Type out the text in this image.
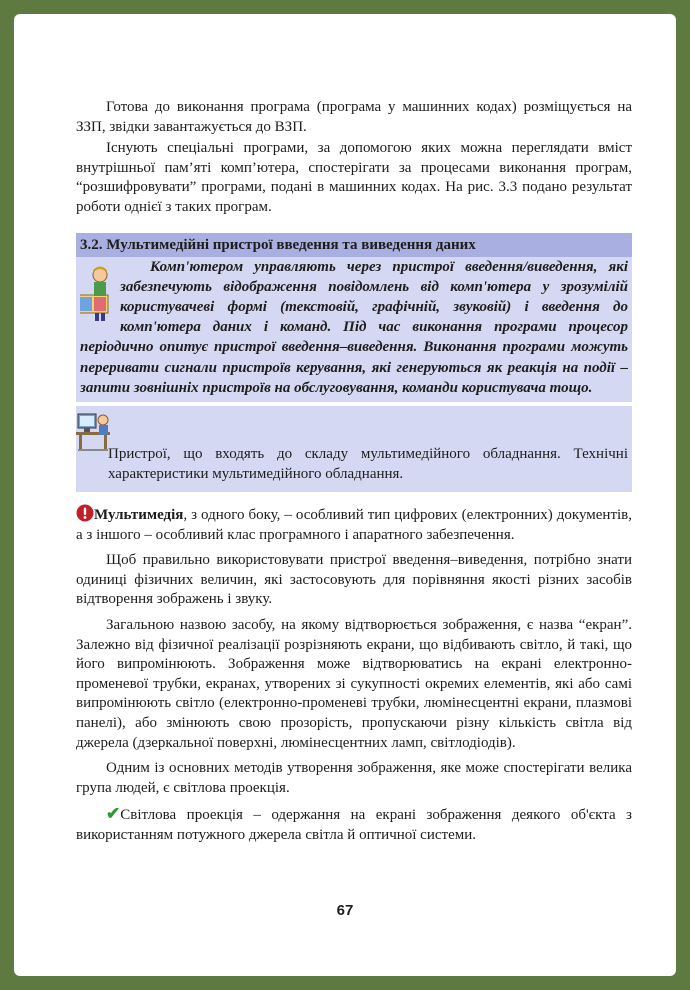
Готова до виконання програма (програма у машинних кодах) розміщується на ЗЗП, звідки завантажується до ВЗП.

Існують спеціальні програми, за допомогою яких можна переглядати вміст внутрішньої пам’яті комп’ютера, спостерігати за процесами виконання програм, “розшифровувати” програми, подані в машинних кодах. На рис. 3.3 подано результат роботи однієї з таких програм.

3.2. Мультимедійні пристрої введення та виведення даних

Комп'ютером управляють через пристрої введення/виведення, які забезпечують відображення повідомлень від комп'ютера у зрозумілій користувачеві формі (текстовій, графічній, звуковій) і введення до комп'ютера даних і команд. Під час виконання програми процесор періодично опитує пристрої введення–виведення. Виконання програми можуть переривати сигнали пристроїв керування, які генеруються як реакція на події – запити зовнішніх пристроїв на обслуговування, команди користувача тощо.

Пристрої, що входять до складу мультимедійного обладнання. Технічні характеристики мультимедійного обладнання.

Мультимедія, з одного боку, – особливий тип цифрових (електронних) документів, а з іншого – особливий клас програмного і апаратного забезпечення.

Щоб правильно використовувати пристрої введення–виведення, потрібно знати одиниці фізичних величин, які застосовують для порівняння якості різних засобів відтворення зображень і звуку.

Загальною назвою засобу, на якому відтворюється зображення, є назва “екран”. Залежно від фізичної реалізації розрізняють екрани, що відбивають світло, й такі, що його випромінюють. Зображення може відтворюватись на екрані електронно-променевої трубки, екранах, утворених зі сукупності окремих елементів, які або самі випромінюють світло (електронно-променеві трубки, люмінесцентні екрани, плазмові панелі), або змінюють свою прозорість, пропускаючи різну кількість світла від джерела (дзеркальної поверхні, люмінесцентних ламп, світлодіодів).

Одним із основних методів утворення зображення, яке може спостерігати велика група людей, є світлова проекція.

✔Світлова проекція – одержання на екрані зображення деякого об'єкта з використанням потужного джерела світла й оптичної системи.

67
